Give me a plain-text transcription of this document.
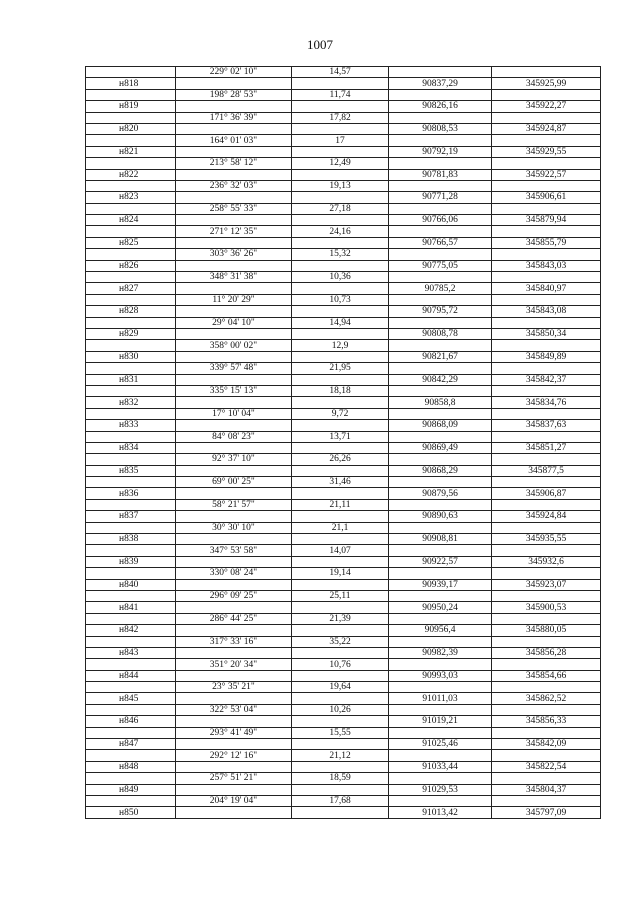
1007
	229° 02' 10"	14,57		
н818			90837,29	345925,99
	198° 28' 53"	11,74		
н819			90826,16	345922,27
	171° 36' 39"	17,82		
н820			90808,53	345924,87
	164° 01' 03"	17		
н821			90792,19	345929,55
	213° 58' 12"	12,49		
н822			90781,83	345922,57
	236° 32' 03"	19,13		
н823			90771,28	345906,61
	258° 55' 33"	27,18		
н824			90766,06	345879,94
	271° 12' 35"	24,16		
н825			90766,57	345855,79
	303° 36' 26"	15,32		
н826			90775,05	345843,03
	348° 31' 38"	10,36		
н827			90785,2	345840,97
	11° 20' 29"	10,73		
н828			90795,72	345843,08
	29° 04' 10"	14,94		
н829			90808,78	345850,34
	358° 00' 02"	12,9		
н830			90821,67	345849,89
	339° 57' 48"	21,95		
н831			90842,29	345842,37
	335° 15' 13"	18,18		
н832			90858,8	345834,76
	17° 10' 04"	9,72		
н833			90868,09	345837,63
	84° 08' 23"	13,71		
н834			90869,49	345851,27
	92° 37' 10"	26,26		
н835			90868,29	345877,5
	69° 00' 25"	31,46		
н836			90879,56	345906,87
	58° 21' 57"	21,11		
н837			90890,63	345924,84
	30° 30' 10"	21,1		
н838			90908,81	345935,55
	347° 53' 58"	14,07		
н839			90922,57	345932,6
	330° 08' 24"	19,14		
н840			90939,17	345923,07
	296° 09' 25"	25,11		
н841			90950,24	345900,53
	286° 44' 25"	21,39		
н842			90956,4	345880,05
	317° 33' 16"	35,22		
н843			90982,39	345856,28
	351° 20' 34"	10,76		
н844			90993,03	345854,66
	23° 35' 21"	19,64		
н845			91011,03	345862,52
	322° 53' 04"	10,26		
н846			91019,21	345856,33
	293° 41' 49"	15,55		
н847			91025,46	345842,09
	292° 12' 16"	21,12		
н848			91033,44	345822,54
	257° 51' 21"	18,59		
н849			91029,53	345804,37
	204° 19' 04"	17,68		
н850			91013,42	345797,09
